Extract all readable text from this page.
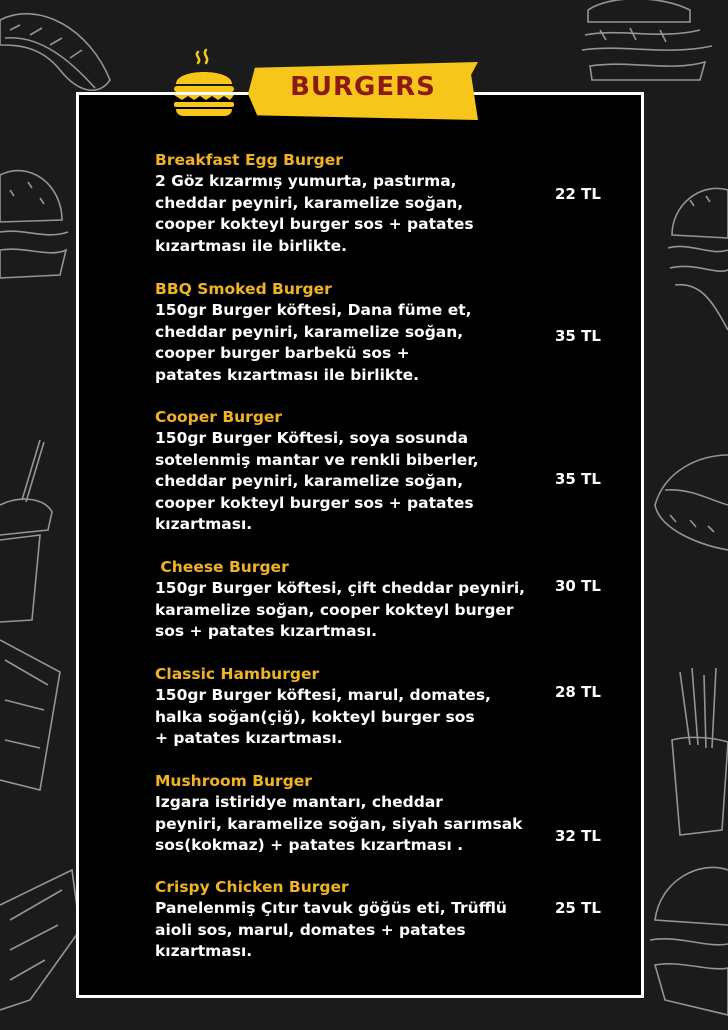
BURGERS
Breakfast Egg Burger
2 Göz kızarmış yumurta, pastırma,
cheddar peyniri, karamelize soğan,
cooper kokteyl burger sos + patates
kızartması ile birlikte.
22 TL
BBQ Smoked Burger
150gr Burger köftesi, Dana füme et,
cheddar peyniri, karamelize soğan,
cooper burger barbekü sos +
patates kızartması ile birlikte.
35 TL
Cooper Burger
150gr Burger Köftesi, soya sosunda
sotelenmiş mantar ve renkli biberler,
cheddar peyniri, karamelize soğan,
cooper kokteyl burger sos + patates
kızartması.
35 TL
Cheese Burger
150gr Burger köftesi, çift cheddar peyniri,
karamelize soğan, cooper kokteyl burger
sos + patates kızartması.
30 TL
Classic Hamburger
150gr Burger köftesi, marul, domates,
halka soğan(çiğ), kokteyl burger sos
+ patates kızartması.
28 TL
Mushroom Burger
Izgara istiridye mantarı, cheddar
peyniri, karamelize soğan, siyah sarımsak
sos(kokmaz) + patates kızartması .	32 TL
Crispy Chicken Burger
Panelenmiş Çıtır tavuk göğüs eti, Trüfflü
aioli sos, marul, domates + patates
kızartması.
25 TL
